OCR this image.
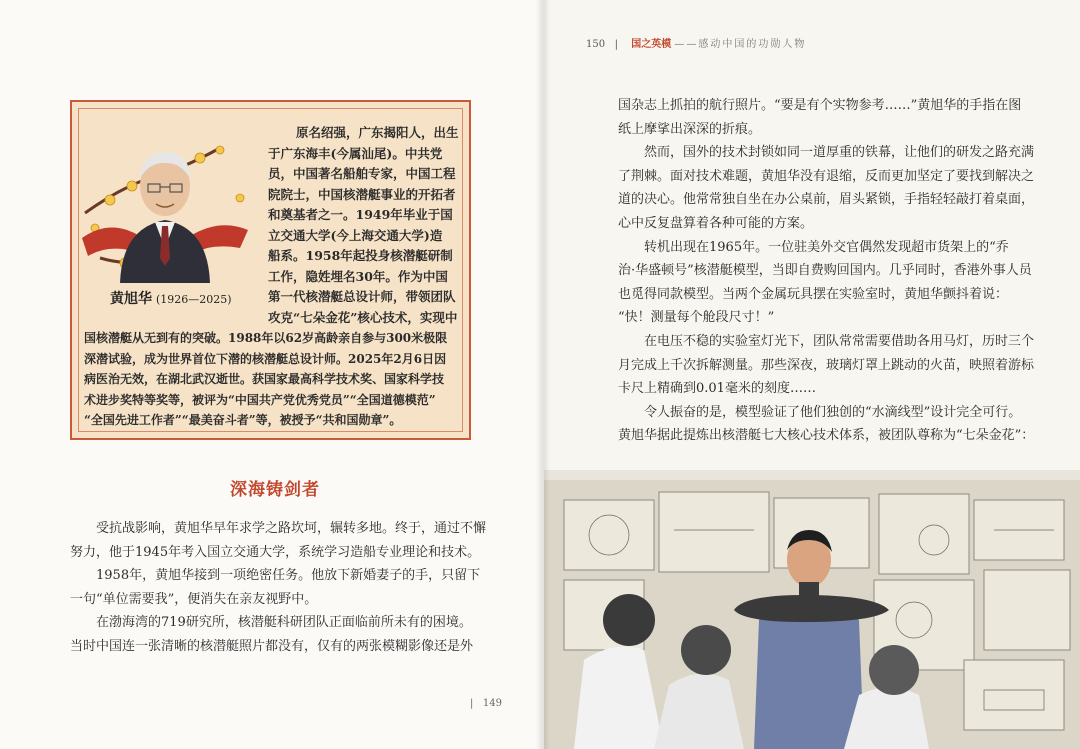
黄旭华 (1926—2025)
原名绍强，广东揭阳人，出生
于广东海丰(今属汕尾)。中共党
员，中国著名船舶专家，中国工程
院院士，中国核潜艇事业的开拓者
和奠基者之一。1949年毕业于国
立交通大学(今上海交通大学)造
船系。1958年起投身核潜艇研制
工作，隐姓埋名30年。作为中国
第一代核潜艇总设计师，带领团队
攻克“七朵金花”核心技术，实现中
国核潜艇从无到有的突破。1988年以62岁高龄亲自参与300米极限
深潜试验，成为世界首位下潜的核潜艇总设计师。2025年2月6日因
病医治无效，在湖北武汉逝世。获国家最高科学技术奖、国家科学技
术进步奖特等奖等，被评为“中国共产党优秀党员”“全国道德模范”
“全国先进工作者”“最美奋斗者”等，被授予“共和国勋章”。
深海铸剑者
　　受抗战影响，黄旭华早年求学之路坎坷，辗转多地。终于，通过不懈
努力，他于1945年考入国立交通大学，系统学习造船专业理论和技术。
　　1958年，黄旭华接到一项绝密任务。他放下新婚妻子的手，只留下
一句“单位需要我”，便消失在亲友视野中。
　　在渤海湾的719研究所，核潜艇科研团队正面临前所未有的困境。
当时中国连一张清晰的核潜艇照片都没有，仅有的两张模糊影像还是外
|   149
150   | 国之英模 ——感动中国的功勋人物
国杂志上抓拍的航行照片。“要是有个实物参考……”黄旭华的手指在图
纸上摩挲出深深的折痕。
　　然而，国外的技术封锁如同一道厚重的铁幕，让他们的研发之路充满
了荆棘。面对技术难题，黄旭华没有退缩，反而更加坚定了要找到解决之
道的决心。他常常独自坐在办公桌前，眉头紧锁，手指轻轻敲打着桌面，
心中反复盘算着各种可能的方案。
　　转机出现在1965年。一位驻美外交官偶然发现超市货架上的“乔
治·华盛顿号”核潜艇模型，当即自费购回国内。几乎同时，香港外事人员
也觅得同款模型。当两个金属玩具摆在实验室时，黄旭华颤抖着说：
“快！测量每个舱段尺寸！”
　　在电压不稳的实验室灯光下，团队常常需要借助各用马灯，历时三个
月完成上千次拆解测量。那些深夜，玻璃灯罩上跳动的火苗，映照着游标
卡尺上精确到0.01毫米的刻度……
　　令人振奋的是，模型验证了他们独创的“水滴线型”设计完全可行。
黄旭华据此提炼出核潜艇七大核心技术体系，被团队尊称为“七朵金花”：
